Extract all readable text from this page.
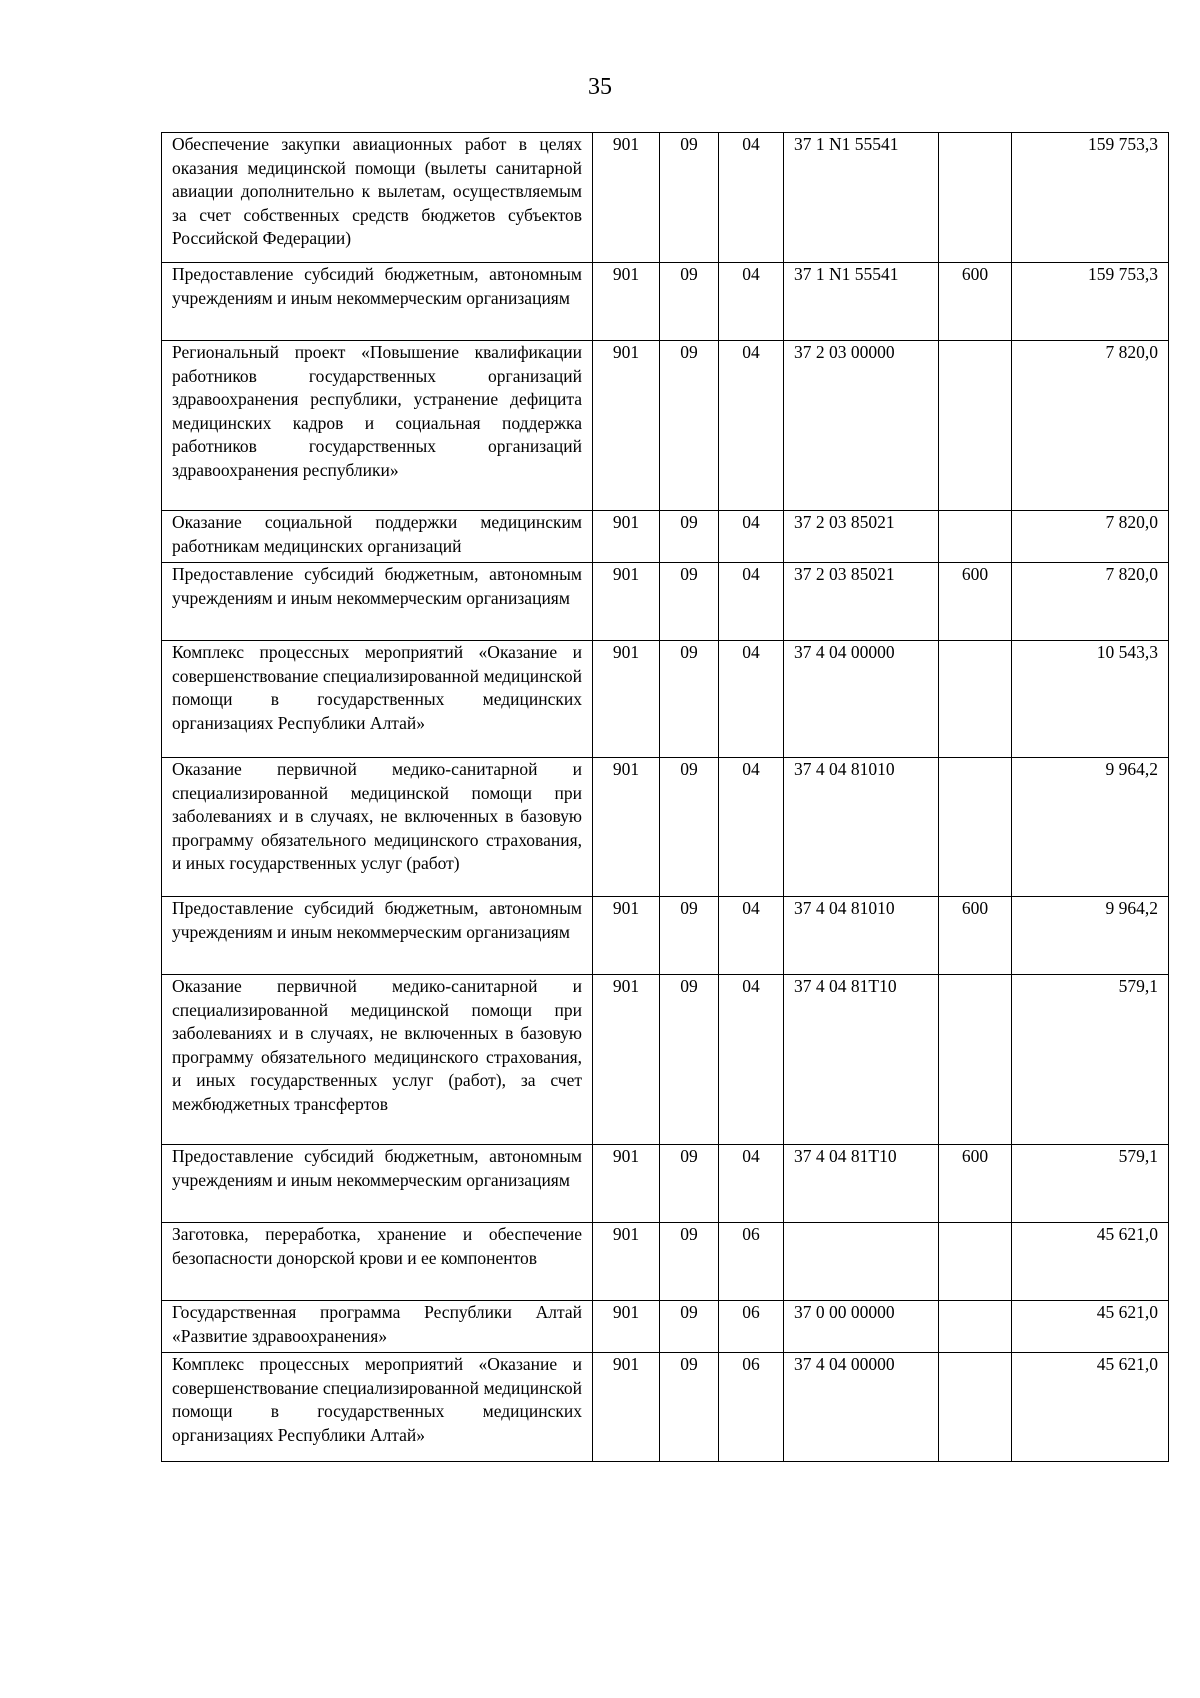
35
Обеспечение закупки авиационных работ в целях оказания медицинской помощи (вылеты санитарной авиации дополнительно к вылетам, осуществляемым за счет собственных средств бюджетов субъектов Российской Федерации)	901	09	04	37 1 N1 55541		159 753,3
Предоставление субсидий бюджетным, автономным учреждениям и иным некоммерческим организациям	901	09	04	37 1 N1 55541	600	159 753,3
Региональный проект «Повышение квалификации работников государственных организаций здравоохранения республики, устранение дефицита медицинских кадров и социальная поддержка работников государственных организаций здравоохранения республики»	901	09	04	37 2 03 00000		7 820,0
Оказание социальной поддержки медицинским работникам медицинских организаций	901	09	04	37 2 03 85021		7 820,0
Предоставление субсидий бюджетным, автономным учреждениям и иным некоммерческим организациям	901	09	04	37 2 03 85021	600	7 820,0
Комплекс процессных мероприятий «Оказание и совершенствование специализированной медицинской помощи в государственных медицинских организациях Республики Алтай»	901	09	04	37 4 04 00000		10 543,3
Оказание первичной медико-санитарной и специализированной медицинской помощи при заболеваниях и в случаях, не включенных в базовую программу обязательного медицинского страхования, и иных государственных услуг (работ)	901	09	04	37 4 04 81010		9 964,2
Предоставление субсидий бюджетным, автономным учреждениям и иным некоммерческим организациям	901	09	04	37 4 04 81010	600	9 964,2
Оказание первичной медико-санитарной и специализированной медицинской помощи при заболеваниях и в случаях, не включенных в базовую программу обязательного медицинского страхования, и иных государственных услуг (работ), за счет межбюджетных трансфертов	901	09	04	37 4 04 81Т10		579,1
Предоставление субсидий бюджетным, автономным учреждениям и иным некоммерческим организациям	901	09	04	37 4 04 81Т10	600	579,1
Заготовка, переработка, хранение и обеспечение безопасности донорской крови и ее компонентов	901	09	06			45 621,0
Государственная программа Республики Алтай «Развитие здравоохранения»	901	09	06	37 0 00 00000		45 621,0
Комплекс процессных мероприятий «Оказание и совершенствование специализированной медицинской помощи в государственных медицинских организациях Республики Алтай»	901	09	06	37 4 04 00000		45 621,0
